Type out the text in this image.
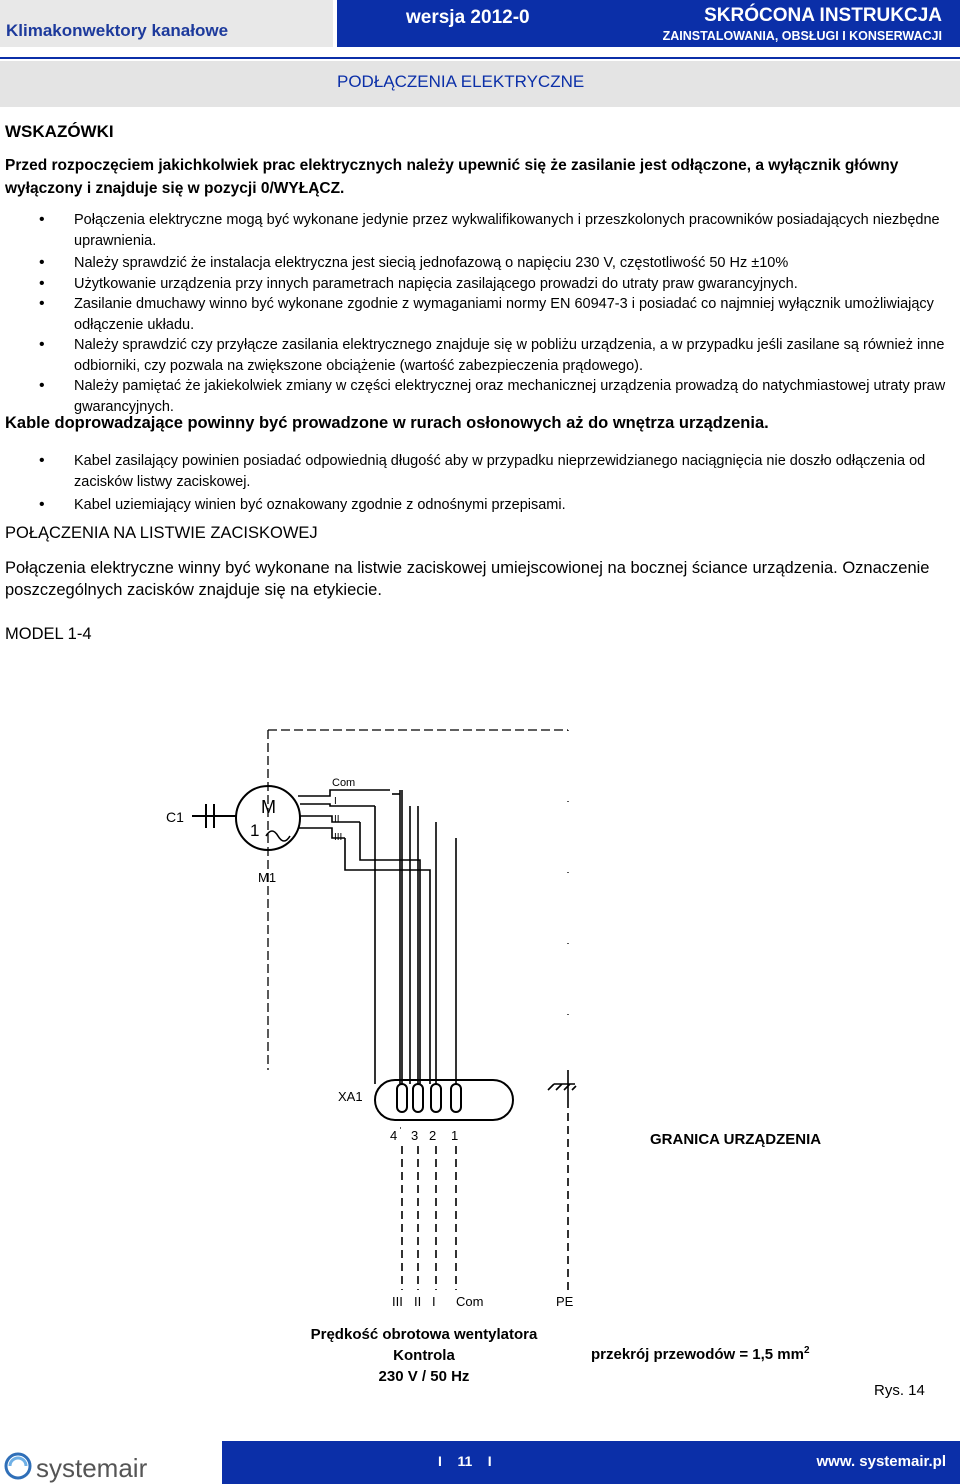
Klimakonwektory kanałowe
wersja 2012-0	SKRÓCONA INSTRUKCJA
ZAINSTALOWANIA, OBSŁUGI I KONSERWACJI
PODŁĄCZENIA ELEKTRYCZNE
WSKAZÓWKI
Przed rozpoczęciem jakichkolwiek prac elektrycznych należy upewnić się że zasilanie jest odłączone, a wyłącznik główny wyłączony i znajduje się w pozycji 0/WYŁĄCZ.
• Połączenia elektryczne mogą być wykonane jedynie przez wykwalifikowanych i przeszkolonych pracowników posiadających niezbędne uprawnienia.
• Należy sprawdzić że instalacja elektryczna jest siecią jednofazową o napięciu 230 V, częstotliwość 50 Hz ±10%
• Użytkowanie urządzenia przy innych parametrach napięcia zasilającego prowadzi do utraty praw gwarancyjnych.
• Zasilanie dmuchawy winno być wykonane zgodnie z wymaganiami normy EN 60947-3 i posiadać co najmniej wyłącznik umożliwiający odłączenie układu.
• Należy sprawdzić czy przyłącze zasilania elektrycznego znajduje się w pobliżu urządzenia, a w przypadku jeśli zasilane są również inne odbiorniki, czy pozwala na zwiększone obciążenie (wartość zabezpieczenia prądowego).
• Należy pamiętać że jakiekolwiek zmiany w części elektrycznej oraz mechanicznej urządzenia prowadzą do natychmiastowej utraty praw gwarancyjnych.
Kable doprowadzające powinny być prowadzone w rurach osłonowych aż do wnętrza urządzenia.
• Kabel zasilający powinien posiadać odpowiednią długość aby w przypadku nieprzewidzianego naciągnięcia nie doszło odłączenia od zacisków listwy zaciskowej.
• Kabel uziemiający winien być oznakowany zgodnie z odnośnymi przepisami.
POŁĄCZENIA NA LISTWIE ZACISKOWEJ
Połączenia elektryczne winny być wykonane na listwie zaciskowej umiejscowionej na bocznej ściance urządzenia. Oznaczenie poszczególnych zacisków znajduje się na etykiecie.
MODEL 1-4
C1	M
1
M1
Com
I
II
III
XA1
4 3 2 1	GRANICA URZĄDZENIA
III II I Com	PE
Prędkość obrotowa wentylatora
Kontrola
230 V / 50 Hz
przekrój przewodów = 1,5 $mm^2$
Rys. 14
systemair	I    11    I	www. systemair.pl
